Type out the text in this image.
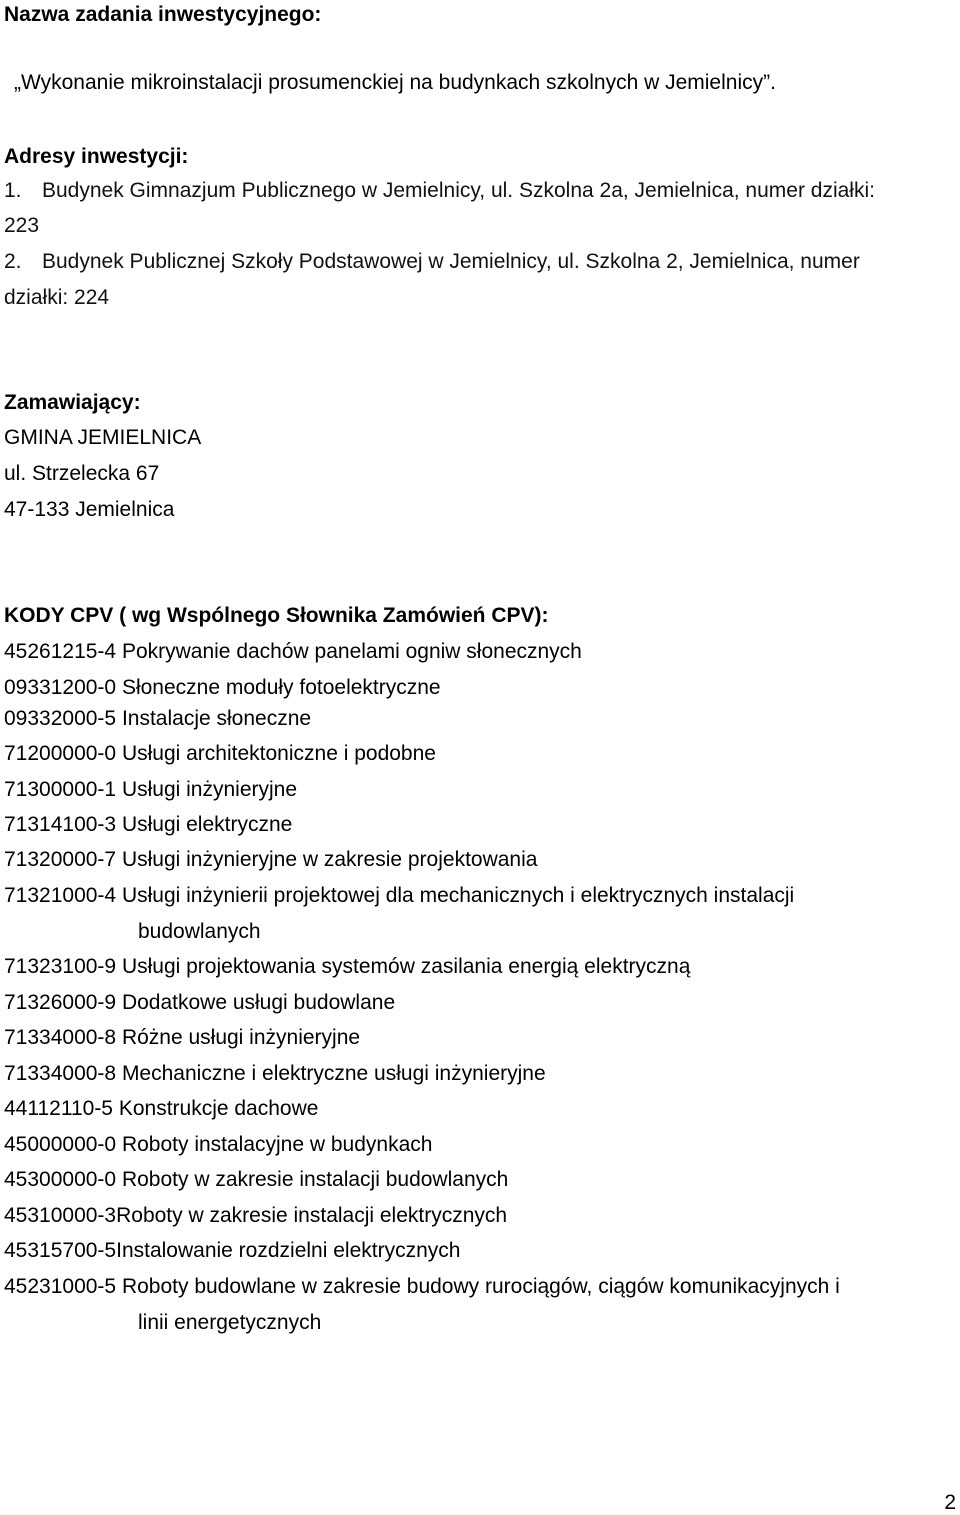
Nazwa zadania inwestycyjnego:
„Wykonanie mikroinstalacji prosumenckiej na budynkach szkolnych w Jemielnicy”.
Adresy inwestycji:
1. Budynek Gimnazjum Publicznego w Jemielnicy, ul. Szkolna 2a, Jemielnica, numer działki:
223
2. Budynek Publicznej Szkoły Podstawowej w Jemielnicy, ul. Szkolna 2, Jemielnica, numer
działki: 224
Zamawiający:
GMINA JEMIELNICA
ul. Strzelecka 67
47-133 Jemielnica
KODY CPV ( wg Wspólnego Słownika Zamówień CPV):
45261215-4 Pokrywanie dachów panelami ogniw słonecznych
09331200-0 Słoneczne moduły fotoelektryczne
09332000-5 Instalacje słoneczne
71200000-0 Usługi architektoniczne i podobne
71300000-1 Usługi inżynieryjne
71314100-3 Usługi elektryczne
71320000-7 Usługi inżynieryjne w zakresie projektowania
71321000-4 Usługi inżynierii projektowej dla mechanicznych i elektrycznych instalacji
budowlanych
71323100-9 Usługi projektowania systemów zasilania energią elektryczną
71326000-9 Dodatkowe usługi budowlane
71334000-8 Różne usługi inżynieryjne
71334000-8 Mechaniczne i elektryczne usługi inżynieryjne
44112110-5 Konstrukcje dachowe
45000000-0 Roboty instalacyjne w budynkach
45300000-0 Roboty w zakresie instalacji budowlanych
45310000-3Roboty w zakresie instalacji elektrycznych
45315700-5Instalowanie rozdzielni elektrycznych
45231000-5 Roboty budowlane w zakresie budowy rurociągów, ciągów komunikacyjnych i
linii energetycznych
2
